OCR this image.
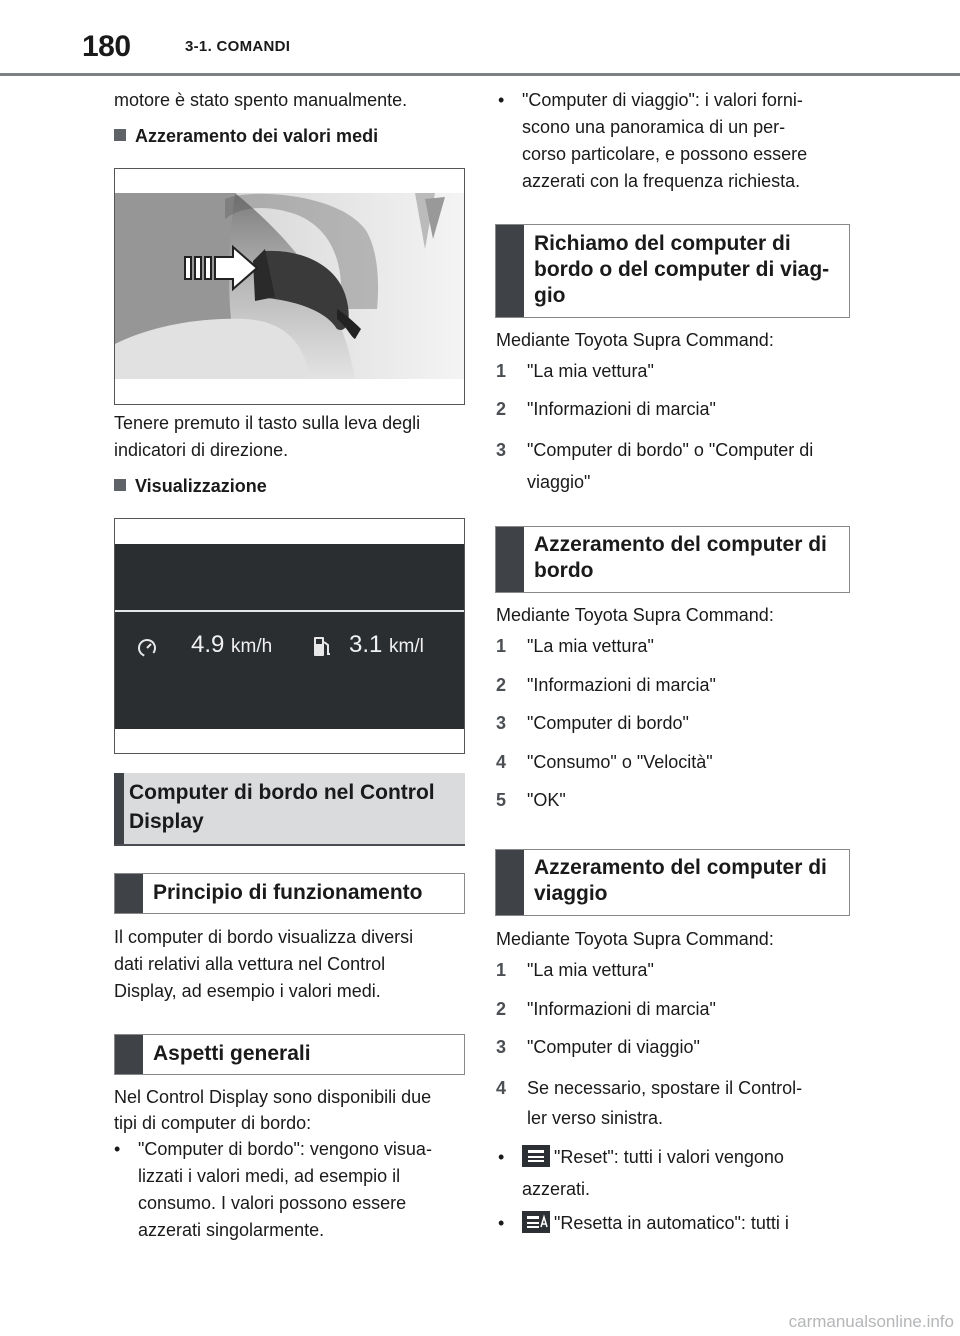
180	3-1. COMANDI
motore è stato spento manualmente.
Azzeramento dei valori medi
Tenere premuto il tasto sulla leva degli
indicatori di direzione.
Visualizzazione
4.9 km/h	3.1 km/l
Computer di bordo nel Control
Display
Principio di funzionamento
Il computer di bordo visualizza diversi
dati relativi alla vettura nel Control
Display, ad esempio i valori medi.
Aspetti generali
Nel Control Display sono disponibili due
tipi di computer di bordo:
• "Computer di bordo": vengono visua-
lizzati i valori medi, ad esempio il
consumo. I valori possono essere
azzerati singolarmente.
• "Computer di viaggio": i valori forni-
scono una panoramica di un per-
corso particolare, e possono essere
azzerati con la frequenza richiesta.
Richiamo del computer di
bordo o del computer di viag-
gio
Mediante Toyota Supra Command:
1 "La mia vettura"
2 "Informazioni di marcia"
3 "Computer di bordo" o "Computer di
viaggio"
Azzeramento del computer di
bordo
Mediante Toyota Supra Command:
1 "La mia vettura"
2 "Informazioni di marcia"
3 "Computer di bordo"
4 "Consumo" o "Velocità"
5 "OK"
Azzeramento del computer di
viaggio
Mediante Toyota Supra Command:
1 "La mia vettura"
2 "Informazioni di marcia"
3 "Computer di viaggio"
4 Se necessario, spostare il Control-
ler verso sinistra.
•	"Reset": tutti i valori vengono
azzerati.
•	"Resetta in automatico": tutti i
carmanualsonline.info
